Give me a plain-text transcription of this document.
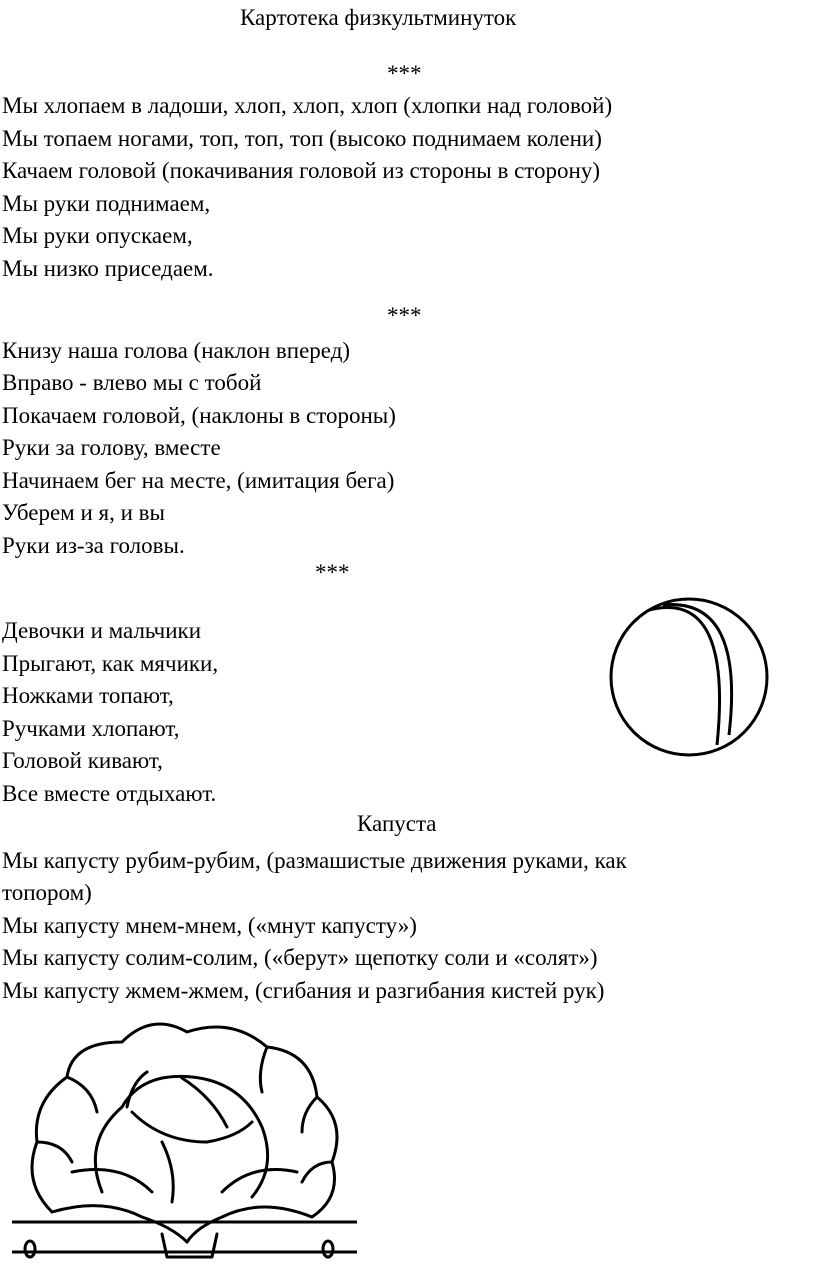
Картотека физкультминуток
***
Мы хлопаем в ладоши, хлоп, хлоп, хлоп (хлопки над головой)
Мы топаем ногами, топ, топ, топ (высоко поднимаем колени)
Качаем головой (покачивания головой из стороны в сторону)
Мы руки поднимаем,
Мы руки опускаем,
Мы низко приседаем.
***
Книзу наша голова (наклон вперед)
Вправо - влево мы с тобой
Покачаем головой, (наклоны в стороны)
Руки за голову, вместе
Начинаем бег на месте, (имитация бега)
Уберем и я, и вы
Руки из-за головы.
***
Девочки и мальчики
Прыгают, как мячики,
Ножками топают,
Ручками хлопают,
Головой кивают,
Все вместе отдыхают.
Капуста
Мы капусту рубим-рубим, (размашистые движения руками, как
топором)
Мы капусту мнем-мнем, («мнут капусту»)
Мы капусту солим-солим, («берут» щепотку соли и «солят»)
Мы капусту жмем-жмем, (сгибания и разгибания кистей рук)
